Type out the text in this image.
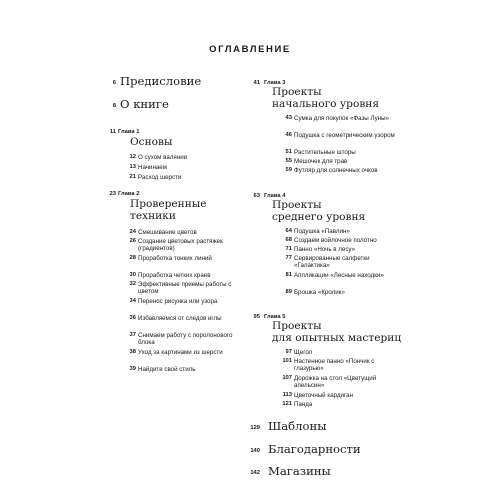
ОГЛАВЛЕНИЕ
6 Предисловие
8 О книге
11 Глава 1
Основы
12 О сухом валянии
13 Начинаем
21 Расход шерсти
23 Глава 2
Проверенные
техники
24 Смешивание цветов
26 Создание цветовых растяжек (градиентов)
28 Проработка тонких линий
30 Проработка четких краев
32 Эффективные приемы работы с цветом
34 Перенос рисунка или узора
36 Избавляемся от следов иглы
37 Снимаем работу с поролонового блока
38 Уход за картинами из шерсти
39 Найдите свой стиль
41 Глава 3
Проекты
начального уровня
43 Сумка для покупок «Фазы Луны»
46 Подушка с геометрическим узором
51 Растительные шторы
55 Мешочек для трав
59 Футляр для солнечных очков
63 Глава 4
Проекты
среднего уровня
64 Подушка «Павлин»
68 Создаем войлочное полотно
71 Панно «Ночь в лесу»
77 Сервированные салфетки «Галактика»
81 Аппликации «Лесные находки»
89 Брошка «Кролик»
95 Глава 5
Проекты
для опытных мастериц
97 Щегол
101 Настенное панно «Пончик с глазурью»
107 Дорожка на стол «Цветущий апельсин»
113 Цветочный кардиган
121 Панда
129 Шаблоны
140 Благодарности
142 Магазины
